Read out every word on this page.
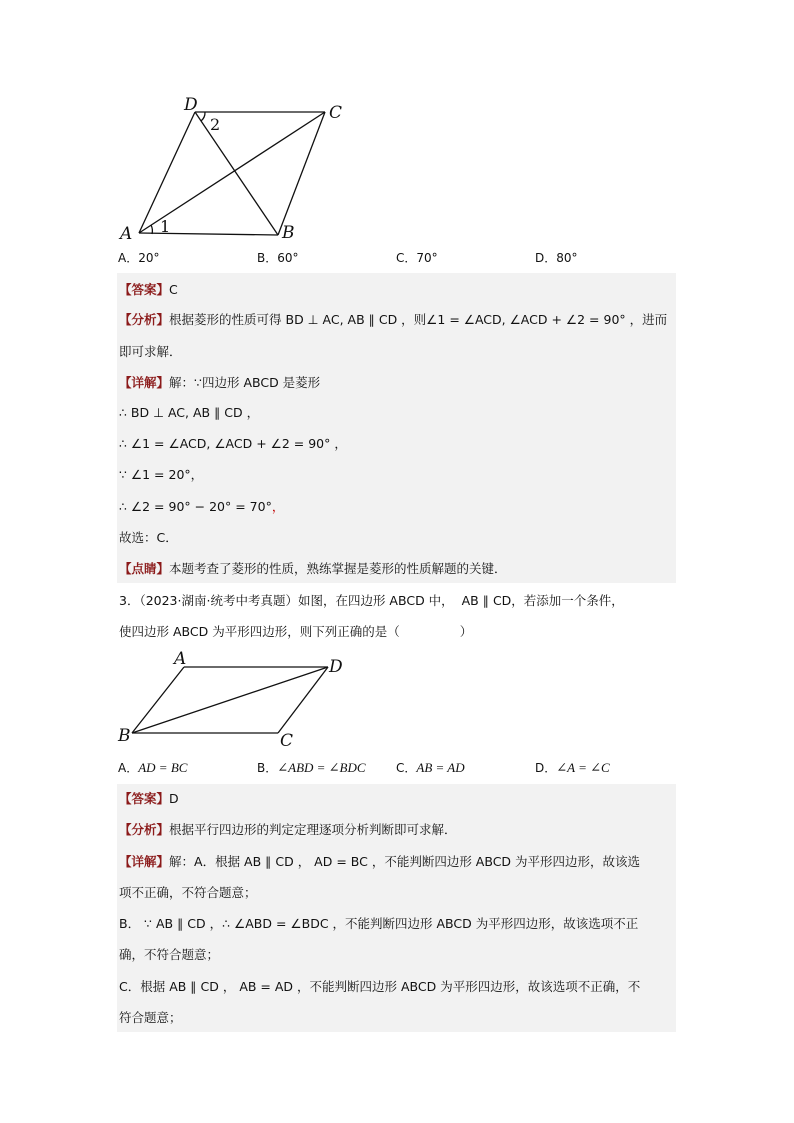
D	C
A	B
1
2
A．20°	B．60°	C．70°	D．80°
【答案】C
【分析】根据菱形的性质可得 BD ⊥ AC, AB ∥ CD ，则∠1 = ∠ACD, ∠ACD + ∠2 = 90° ，进而
即可求解．
【详解】解：∵四边形 ABCD 是菱形
∴ BD ⊥ AC, AB ∥ CD ，
∴ ∠1 = ∠ACD, ∠ACD + ∠2 = 90° ，
∵ ∠1 = 20°，
∴ ∠2 = 90° − 20° = 70°，
故选：C．
【点睛】本题考查了菱形的性质，熟练掌握是菱形的性质解题的关键．
3．（2023·湖南·统考中考真题）如图，在四边形 ABCD 中， AB ∥ CD，若添加一个条件，
使四边形 ABCD 为平形四边形，则下列正确的是（	）
A	D
B	C
A．AD = BC	B．∠ABD = ∠BDC	C．AB = AD	D．∠A = ∠C
【答案】D
【分析】根据平行四边形的判定定理逐项分析判断即可求解．
【详解】解：A．根据 AB ∥ CD ， AD = BC ，不能判断四边形 ABCD 为平形四边形，故该选
项不正确，不符合题意；
B． ∵ AB ∥ CD ，∴ ∠ABD = ∠BDC ，不能判断四边形 ABCD 为平形四边形，故该选项不正
确，不符合题意；
C．根据 AB ∥ CD ， AB = AD ，不能判断四边形 ABCD 为平形四边形，故该选项不正确，不
符合题意；
